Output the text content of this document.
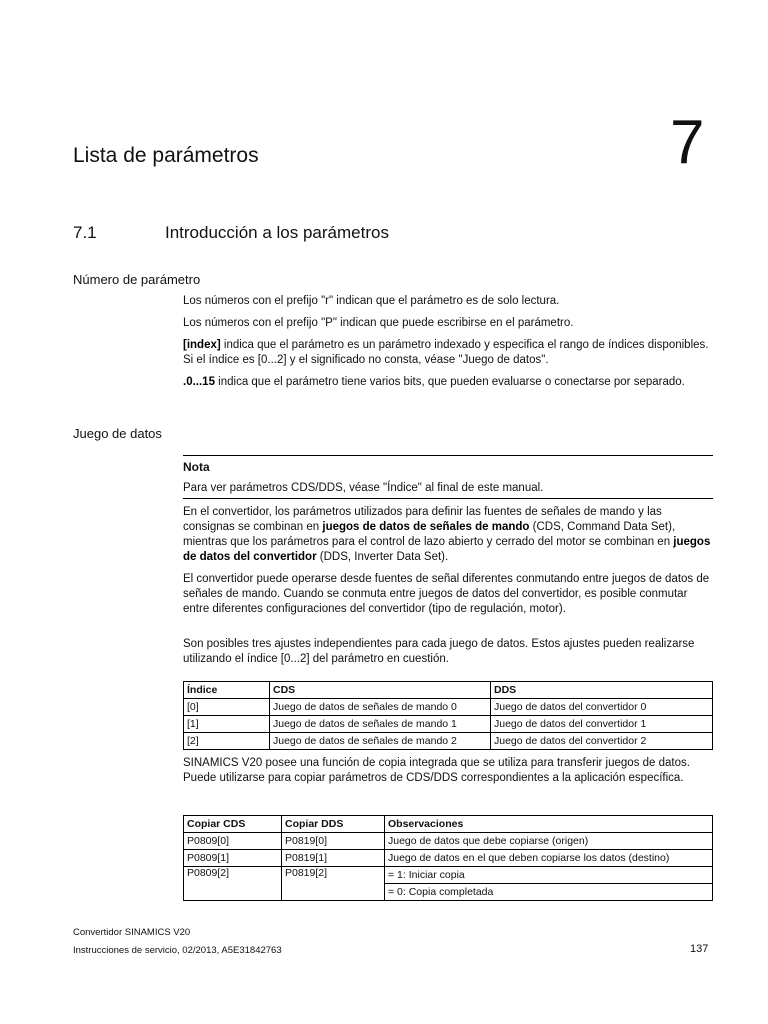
Lista de parámetros	7
7.1	Introducción a los parámetros
Número de parámetro
Los números con el prefijo "r" indican que el parámetro es de solo lectura.
Los números con el prefijo "P" indican que puede escribirse en el parámetro.
[index] indica que el parámetro es un parámetro indexado y especifica el rango de índices disponibles. Si el índice es [0...2] y el significado no consta, véase "Juego de datos".
.0...15 indica que el parámetro tiene varios bits, que pueden evaluarse o conectarse por separado.
Juego de datos
Nota
Para ver parámetros CDS/DDS, véase "Índice" al final de este manual.
En el convertidor, los parámetros utilizados para definir las fuentes de señales de mando y las consignas se combinan en juegos de datos de señales de mando (CDS, Command Data Set), mientras que los parámetros para el control de lazo abierto y cerrado del motor se combinan en juegos de datos del convertidor (DDS, Inverter Data Set).
El convertidor puede operarse desde fuentes de señal diferentes conmutando entre juegos de datos de señales de mando. Cuando se conmuta entre juegos de datos del convertidor, es posible conmutar entre diferentes configuraciones del convertidor (tipo de regulación, motor).
Son posibles tres ajustes independientes para cada juego de datos. Estos ajustes pueden realizarse utilizando el índice [0...2] del parámetro en cuestión.
Índice	CDS	DDS
[0]	Juego de datos de señales de mando 0	Juego de datos del convertidor 0
[1]	Juego de datos de señales de mando 1	Juego de datos del convertidor 1
[2]	Juego de datos de señales de mando 2	Juego de datos del convertidor 2
SINAMICS V20 posee una función de copia integrada que se utiliza para transferir juegos de datos. Puede utilizarse para copiar parámetros de CDS/DDS correspondientes a la aplicación específica.
Copiar CDS	Copiar DDS	Observaciones
P0809[0]	P0819[0]	Juego de datos que debe copiarse (origen)
P0809[1]	P0819[1]	Juego de datos en el que deben copiarse los datos (destino)
P0809[2]	P0819[2]	= 1: Iniciar copia
		= 0: Copia completada
Convertidor SINAMICS V20
Instrucciones de servicio, 02/2013, A5E31842763	137
